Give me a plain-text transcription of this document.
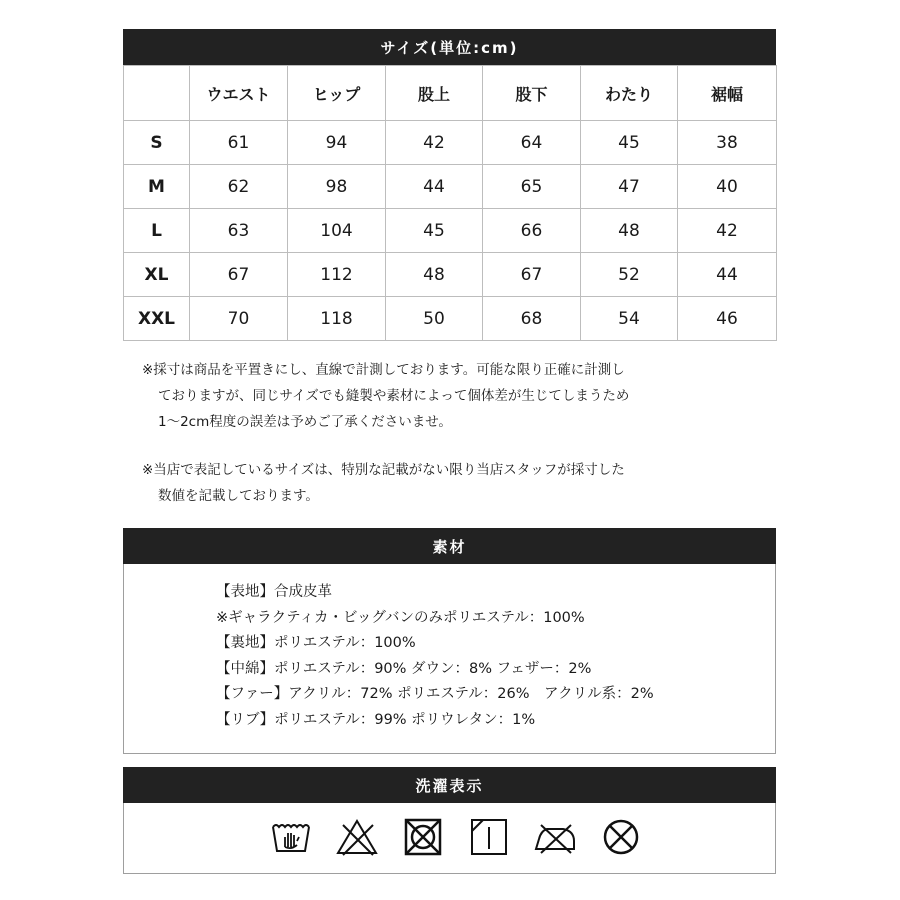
サイズ(単位:cm)
	ウエスト	ヒップ	股上	股下	わたり	裾幅
S	61	94	42	64	45	38
M	62	98	44	65	47	40
L	63	104	45	66	48	42
XL	67	112	48	67	52	44
XXL	70	118	50	68	54	46
※採寸は商品を平置きにし、直線で計測しております。可能な限り正確に計測し
ておりますが、同じサイズでも縫製や素材によって個体差が生じてしまうため
1～2cm程度の誤差は予めご了承くださいませ。
※当店で表記しているサイズは、特別な記載がない限り当店スタッフが採寸した
数値を記載しております。
素材
【表地】合成皮革
※ギャラクティカ・ビッグバンのみポリエステル：100%
【裏地】ポリエステル：100%
【中綿】ポリエステル：90% ダウン：8% フェザー：2%
【ファー】アクリル：72% ポリエステル：26%　アクリル系：2%
【リブ】ポリエステル：99% ポリウレタン：1%
洗濯表示
